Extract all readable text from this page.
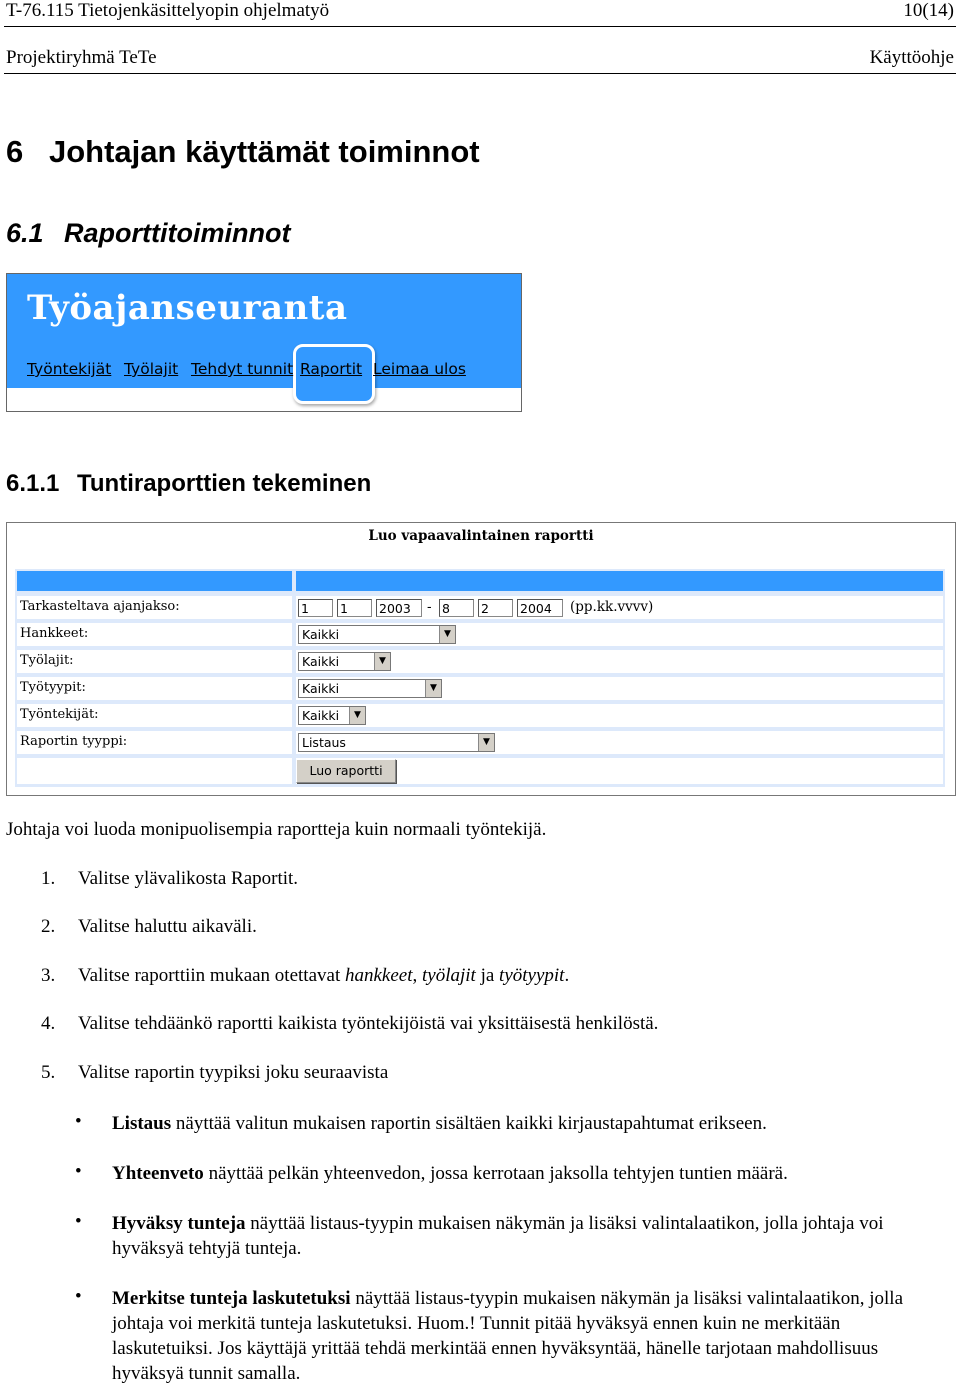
T-76.115 Tietojenkäsittelyopin ohjelmatyö	10(14)
Projektiryhmä TeTe	Käyttöohje
6 Johtajan käyttämät toiminnot
6.1 Raporttitoiminnot
Työajanseuranta
Työntekijät Työlajit Tehdyt tunnit Raportit Leimaa ulos
6.1.1 Tuntiraporttien tekeminen
Luo vapaavalintainen raportti
Tarkasteltava ajanjakso:	1	1	2003	- 8	2	2004	(pp.kk.vvvv)
Hankkeet:	Kaikki	▼
Työlajit:	Kaikki	▼
Työtyypit:	Kaikki	▼
Työntekijät:	Kaikki	▼
Raportin tyyppi:	Listaus	▼
Luo raportti
Johtaja voi luoda monipuolisempia raportteja kuin normaali työntekijä.
1. Valitse ylävalikosta Raportit.
2. Valitse haluttu aikaväli.
3. Valitse raporttiin mukaan otettavat hankkeet, työlajit ja työtyypit.
4. Valitse tehdäänkö raportti kaikista työntekijöistä vai yksittäisestä henkilöstä.
5. Valitse raportin tyypiksi joku seuraavista
• Listaus näyttää valitun mukaisen raportin sisältäen kaikki kirjaustapahtumat erikseen.
• Yhteenveto näyttää pelkän yhteenvedon, jossa kerrotaan jaksolla tehtyjen tuntien määrä.
• Hyväksy tunteja näyttää listaus-tyypin mukaisen näkymän ja lisäksi valintalaatikon, jolla johtaja voi hyväksyä tehtyjä tunteja.
• Merkitse tunteja laskutetuksi näyttää listaus-tyypin mukaisen näkymän ja lisäksi valintalaatikon, jolla johtaja voi merkitä tunteja laskutetuksi. Huom.! Tunnit pitää hyväksyä ennen kuin ne merkitään laskutetuiksi. Jos käyttäjä yrittää tehdä merkintää ennen hyväksyntää, hänelle tarjotaan mahdollisuus hyväksyä tunnit samalla.
